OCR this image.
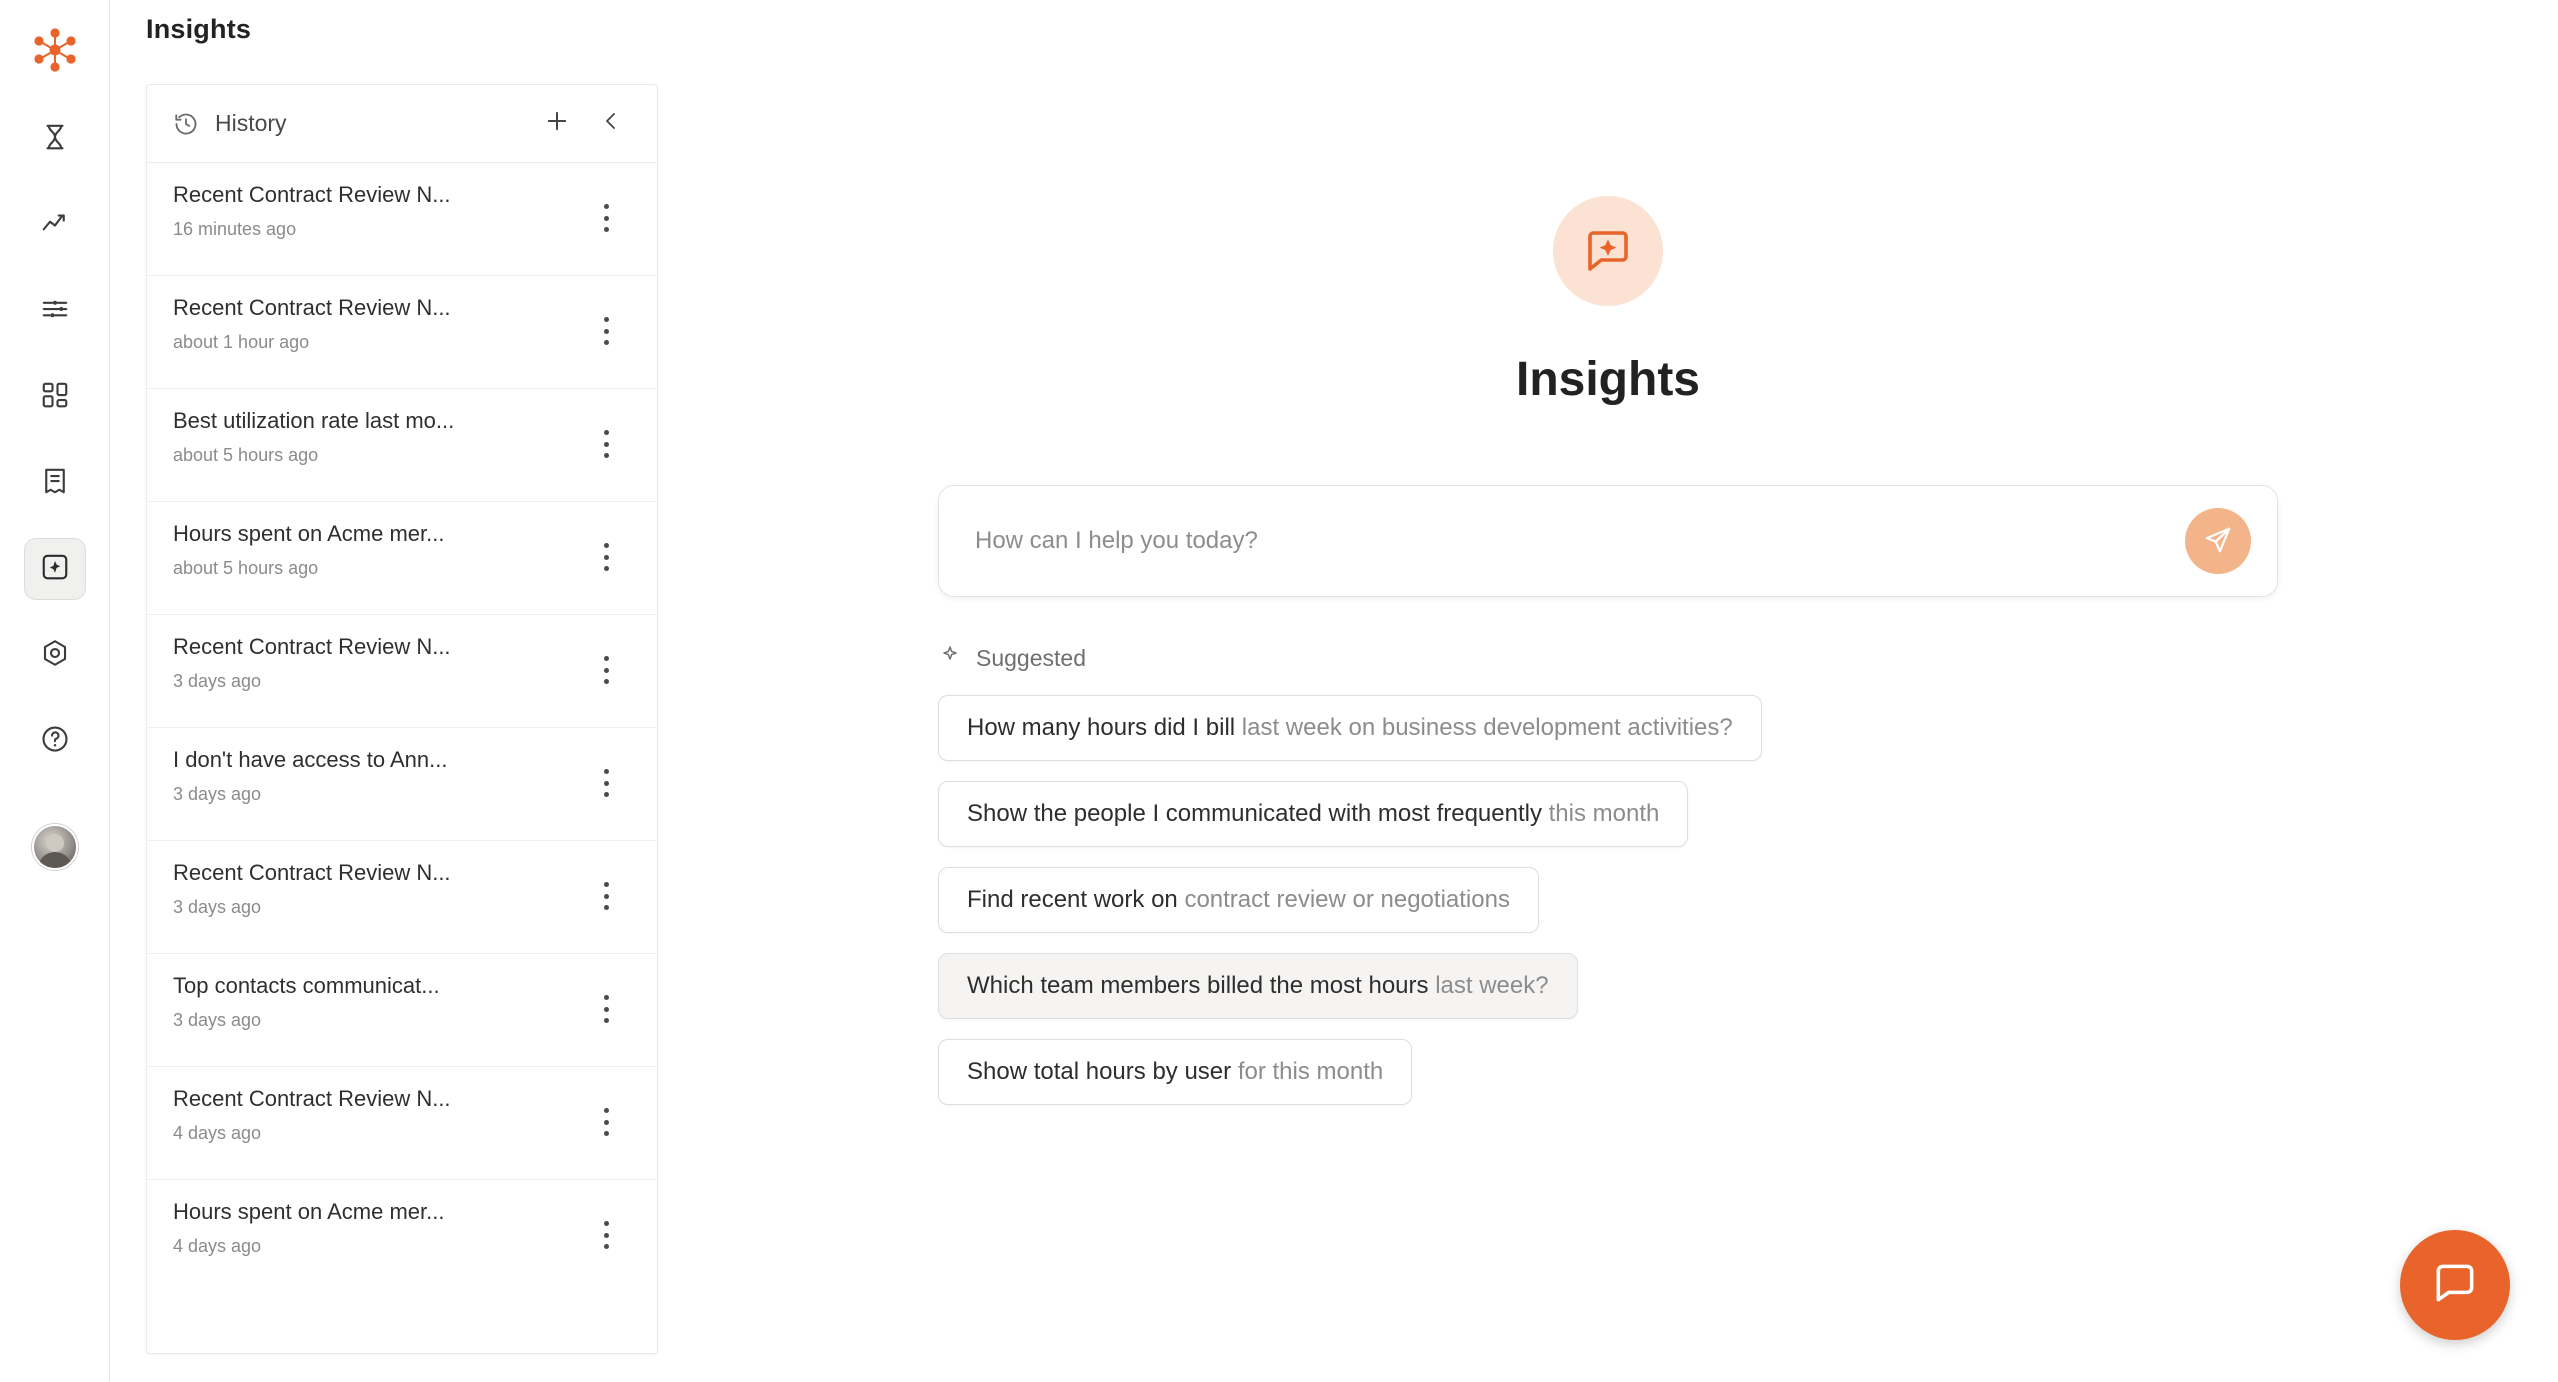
Insights
History
Recent Contract Review N...
16 minutes ago
Recent Contract Review N...
about 1 hour ago
Best utilization rate last mo...
about 5 hours ago
Hours spent on Acme mer...
about 5 hours ago
Recent Contract Review N...
3 days ago
I don't have access to Ann...
3 days ago
Recent Contract Review N...
3 days ago
Top contacts communicat...
3 days ago
Recent Contract Review N...
4 days ago
Hours spent on Acme mer...
4 days ago
Insights
How can I help you today?
Suggested
How many hours did I bill last week on business development activities?
Show the people I communicated with most frequently this month
Find recent work on contract review or negotiations
Which team members billed the most hours last week?
Show total hours by user for this month
